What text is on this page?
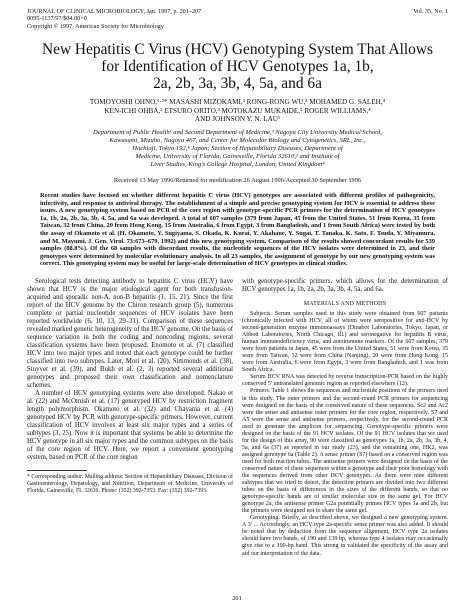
JOURNAL OF CLINICAL MICROBIOLOGY, Jan. 1997, p. 201–207
0095-1137/97/$04.00+0
Copyright © 1997, American Society for Microbiology
Vol. 35, No. 1
New Hepatitis C Virus (HCV) Genotyping System That Allows
for Identification of HCV Genotypes 1a, 1b,
2a, 2b, 3a, 3b, 4, 5a, and 6a
TOMOYOSHI OHNO,¹·²* MASASHI MIZOKAMI,³ RONG-RONG WU,³ MOHAMED G. SALEH,⁴
KEN-ICHI OHBA,³ ETSURO ORITO,³ MOTOKAZU MUKAIDE,⁵ ROGER WILLIAMS,⁴
AND JOHNSON Y. N. LAU¹
Department of Public Health¹ and Second Department of Medicine,³ Nagoya City University Medical School,
Kawasumi, Mizuho, Nagoya 467, and Center for Molecular Biology and Cytogenetics, SRL, Inc.,
Hachioji, Tokyo 192,⁵ Japan; Section of Hepatobiliary Diseases, Department of
Medicine, University of Florida, Gainesville, Florida 32610,² and Institute of
Liver Studies, King's College Hospital, London, United Kingdom⁴
Received 13 May 1996/Returned for modification 26 August 1996/Accepted 30 September 1996
Recent studies have focused on whether different hepatitis C virus (HCV) genotypes are associated with different profiles of pathogenicity, infectivity, and response to antiviral therapy. The establishment of a simple and precise genotyping system for HCV is essential to address these issues. A new genotyping system based on PCR of the core region with genotype-specific PCR primers for the determination of HCV genotypes 1a, 1b, 2a, 2b, 3a, 3b, 4, 5a, and 6a was developed. A total of 607 samples (379 from Japan, 45 from the United States, 51 from Korea, 35 from Taiwan, 32 from China, 20 from Hong Kong, 15 from Australia, 6 from Egypt, 3 from Bangladesh, and 1 from South Africa) were tested by both the assay of Okamoto et al. (H. Okamoto, Y. Sugiyama, S. Okada, K. Kurai, Y. Akahane, Y. Sugai, T. Tanaka, K. Sato, F. Tsuda, Y. Miyamura, and M. Mayumi, J. Gen. Virol. 73:673–679, 1992) and this new genotyping system. Comparison of the results showed concordant results for 539 samples (88.8%). Of the 68 samples with discordant results, the nucleotide sequences of the HCV isolates were determined in 23, and their genotypes were determined by molecular evolutionary analysis. In all 23 samples, the assignment of genotype by our new genotyping system was correct. This genotyping system may be useful for large-scale determination of HCV genotypes in clinical studies.

Serological tests detecting antibody to hepatitis C virus (HCV) have shown that HCV is the major etiological agent for both transfusion-acquired and sporadic non-A, non-B hepatitis (1, 15, 21). Since the first report of the HCV genome by the Chiron research group (5), numerous complete or partial nucleotide sequences of HCV isolates have been reported worldwide (6, 10, 13, 29–31). Comparison of these sequences revealed marked genetic heterogeneity of the HCV genome. On the basis of sequence variation in both the coding and noncoding regions, several classification systems have been proposed. Enomoto et al. (7) classified HCV into two major types and noted that each genotype could be further classified into two subtypes. Later, Mori et al. (20), Simmonds et al. (38), Stuyver et al. (39), and Bukh et al. (2, 3) reported several additional genotypes and proposed their own classification and nomenclature schemes.

A number of HCV genotyping systems were also developed. Nakao et al. (22) and McOmish et al. (17) genotyped HCV by restriction fragment length polymorphism. Okamoto et al. (32) and Chayama et al. (4) genotyped HCV by PCR with genotype-specific primers. However, current classification of HCV involves at least six major types and a series of subtypes (3, 25). Now it is important that systems be able to determine the HCV genotype in all six major types and the common subtypes on the basis of the core region of HCV. Here, we report a convenient genotyping system, based on PCR of the core region

* Corresponding author. Mailing address: Section of Hepatobiliary Diseases, Division of Gastroenterology, Hepatology, and Nutrition, Department of Medicine, University of Florida, Gainesville, FL 32610. Phone: (352) 392-7353. Fax: (352) 392-7393.

with genotype-specific primers, which allows for the determination of HCV genotypes 1a, 1b, 2a, 2b, 3a, 3b, 4, 5a, and 6a.

MATERIALS AND METHODS

Subjects. Serum samples used in this study were obtained from 607 patients (chronically infected with HCV, all of whom were seropositive for anti-HCV by second-generation enzyme immunoassays (Dinabot Laboratories, Tokyo, Japan, or Abbott Laboratories, North Chicago, Ill.) and seronegative for hepatitis B virus, human immunodeficiency virus, and autoimmune markers. Of the 607 samples, 379 were from patients in Japan, 45 were from the United States, 51 were from Korea, 35 were from Taiwan, 32 were from China (Nanjing), 20 were from Hong Kong, 15 were from Australia, 6 were from Egypt, 3 were from Bangladesh, and 1 was from South Africa.

Serum HCV RNA was detected by reverse transcription-PCR based on the highly conserved 5′ untranslated genomic region as reported elsewhere (12).

Primers. Table 1 shows the sequences and nucleotide positions of the primers used in this study. The outer primers and the second-round PCR primers for sequencing were designed on the basis of the conserved nature of these sequences. Sc2 and Ac2 were the sense and antisense outer primers for the core region, respectively. S7 and A5 were the sense and antisense primers, respectively, for the second-round PCR used to generate the amplicon for sequencing. Genotype-specific primers were designed on the basis of the 91 HCV isolates. Of the 91 HCV isolates that we used for the design of this array, 90 were classified as genotypes 1a, 1b, 2a, 2b, 3a, 3b, 4, 5a, and 6a (37) as reported in our study (23), and the remaining one, HK2, was assigned genotype 6a (Table 2). A sense primer (S7) based on a conserved region was used for both reaction tubes. The antisense primers were designed on the basis of the conserved nature of these sequences within a genotype and their poor homology with the sequences derived from other HCV genotypes. As there were nine different subtypes that we tried to detect, the detection primers are divided into two different tubes on the basis of differences in the sizes of the different bands, so that no genotype-specific bands are of similar molecular size in the same gel. For HCV genotype 2a, the antisense primer G2a potentially primes HCV types 1a and 2b, but the primers were designed not to share the same gel.

Genotyping. Briefly, as described above, we designed a new genotyping system. A 3′ ... Accordingly, an HCV type 2a-specific sense primer was also added. It should be noted that by deduction from the sequence alignment, HCV type 2a isolates should have two bands, of 190 and 139 bp, whereas type 4 isolates may occasionally give rise to a 190-bp band. This strong in validated the specificity of the assay and aid our interpretation of the data.

201
